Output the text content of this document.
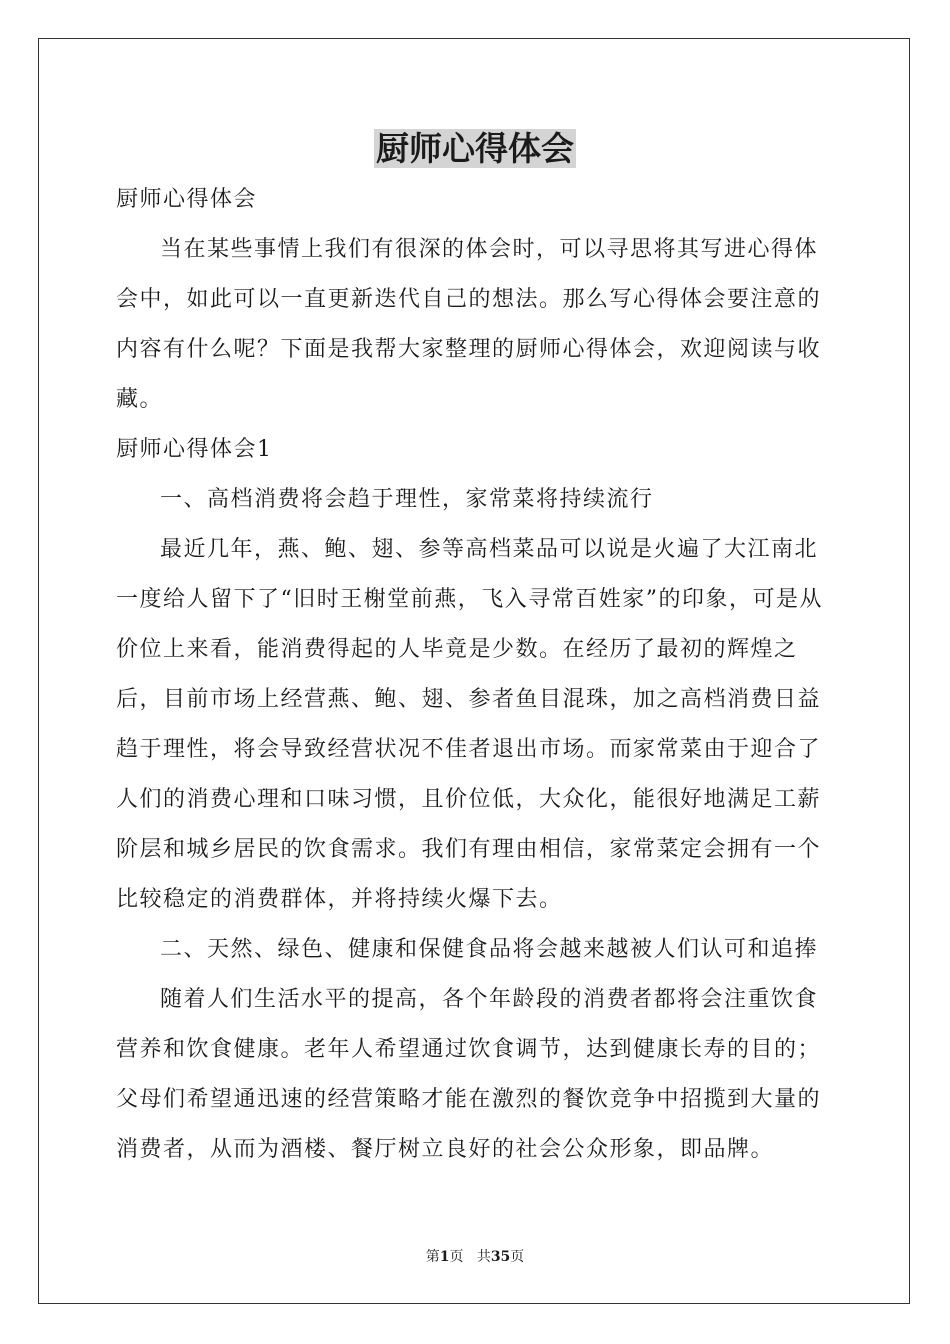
厨师心得体会

厨师心得体会

当在某些事情上我们有很深的体会时，可以寻思将其写进心得体会中，如此可以一直更新迭代自己的想法。那么写心得体会要注意的内容有什么呢？下面是我帮大家整理的厨师心得体会，欢迎阅读与收藏。

厨师心得体会1

一、高档消费将会趋于理性，家常菜将持续流行

最近几年，燕、鲍、翅、参等高档菜品可以说是火遍了大江南北一度给人留下了“旧时王榭堂前燕，飞入寻常百姓家”的印象，可是从价位上来看，能消费得起的人毕竟是少数。在经历了最初的辉煌之后，目前市场上经营燕、鲍、翅、参者鱼目混珠，加之高档消费日益趋于理性，将会导致经营状况不佳者退出市场。而家常菜由于迎合了人们的消费心理和口味习惯，且价位低，大众化，能很好地满足工薪阶层和城乡居民的饮食需求。我们有理由相信，家常菜定会拥有一个比较稳定的消费群体，并将持续火爆下去。

二、天然、绿色、健康和保健食品将会越来越被人们认可和追捧

随着人们生活水平的提高，各个年龄段的消费者都将会注重饮食营养和饮食健康。老年人希望通过饮食调节，达到健康长寿的目的；父母们希望通迅速的经营策略才能在激烈的餐饮竞争中招揽到大量的消费者，从而为酒楼、餐厅树立良好的社会公众形象，即品牌。

第1页 共35页
